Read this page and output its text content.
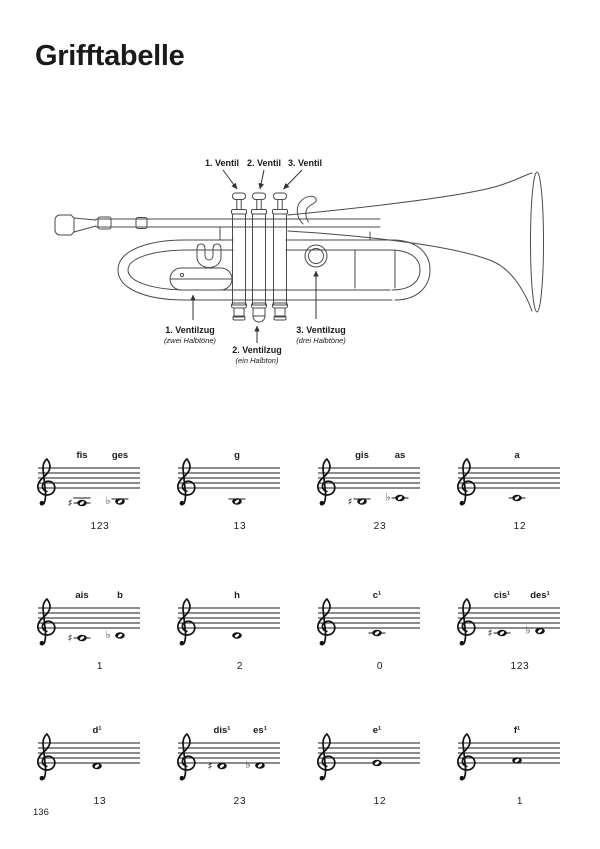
Grifftabelle
1. Ventil 2. Ventil 3. Ventil
1. Ventilzug
(zwei Halbtöne)
2. Ventilzug
(ein Halbton)
3. Ventilzug
(drei Halbtöne)
♯
fis
♭
ges
123
g
13
♯
gis
♭
as
23
a
12
♯
ais
♭
b
1
h
2
c¹
0
♯
cis¹
♭
des¹
123
d¹
13
♯
dis¹
♭
es¹
23
e¹
12
f¹
1
136
